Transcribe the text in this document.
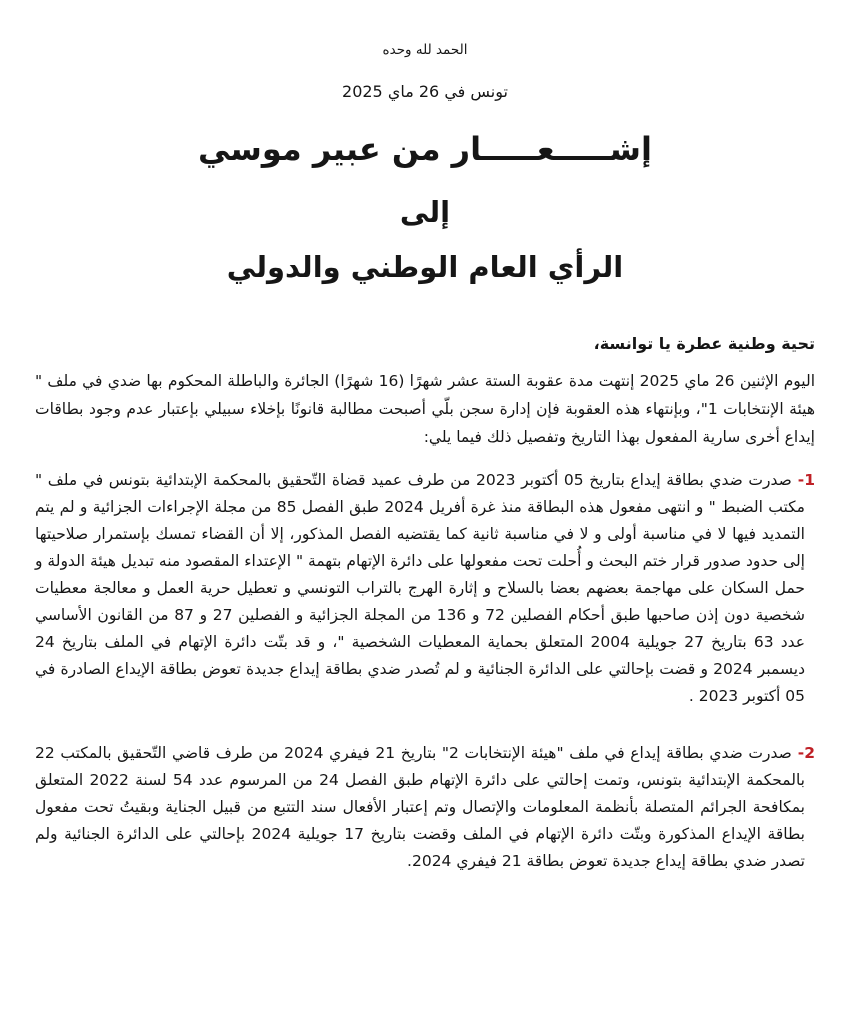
الحمد لله وحده
تونس في 26 ماي 2025
إشـــــعـــــار من عبير موسي
إلى
الرأي العام الوطني والدولي
تحية وطنية عطرة يا توانسة،

اليوم الإثنين 26 ماي 2025 إنتهت مدة عقوبة الستة عشر شهرًا (16 شهرًا) الجائرة والباطلة المحكوم بها ضدي في ملف " هيئة الإنتخابات 1"، وبإنتهاء هذه العقوبة فإن إدارة سجن بلّي أصبحت مطالبة قانونًا بإخلاء سبيلي بإعتبار عدم وجود بطاقات إيداع أخرى سارية المفعول بهذا التاريخ وتفصيل ذلك فيما يلي:

1-صدرت ضدي بطاقة إيداع بتاريخ 05 أكتوبر 2023 من طرف عميد قضاة التّحقيق بالمحكمة الإبتدائية بتونس في ملف " مكتب الضبط " و انتهى مفعول هذه البطاقة منذ غرة أفريل 2024 طبق الفصل 85 من مجلة الإجراءات الجزائية و لم يتم التمديد فيها لا في مناسبة أولى و لا في مناسبة ثانية كما يقتضيه الفصل المذكور، إلا أن القضاء تمسك بإستمرار صلاحيتها إلى حدود صدور قرار ختم البحث و أُحلت تحت مفعولها على دائرة الإتهام بتهمة " الإعتداء المقصود منه تبديل هيئة الدولة و حمل السكان على مهاجمة بعضهم بعضا بالسلاح و إثارة الهرج بالتراب التونسي و تعطيل حرية العمل و معالجة معطيات شخصية دون إذن صاحبها طبق أحكام الفصلين 72 و 136 من المجلة الجزائية و الفصلين 27 و 87 من القانون الأساسي عدد 63 بتاريخ 27 جويلية 2004 المتعلق بحماية المعطيات الشخصية "، و قد بتّت دائرة الإتهام في الملف بتاريخ 24 ديسمبر 2024 و قضت بإحالتي على الدائرة الجنائية و لم تُصدر ضدي بطاقة إيداع جديدة تعوض بطاقة الإيداع الصادرة في 05 أكتوبر 2023 .

2-صدرت ضدي بطاقة إيداع في ملف "هيئة الإنتخابات 2" بتاريخ 21 فيفري 2024 من طرف قاضي التّحقيق بالمكتب 22 بالمحكمة الإبتدائية بتونس، وتمت إحالتي على دائرة الإتهام طبق الفصل 24 من المرسوم عدد 54 لسنة 2022 المتعلق بمكافحة الجرائم المتصلة بأنظمة المعلومات والإتصال وتم إعتبار الأفعال سند التتبع من قبيل الجناية وبقيتُ تحت مفعول بطاقة الإيداع المذكورة وبتّت دائرة الإتهام في الملف وقضت بتاريخ 17 جويلية 2024 بإحالتي على الدائرة الجنائية ولم تصدر ضدي بطاقة إيداع جديدة تعوض بطاقة 21 فيفري 2024.
